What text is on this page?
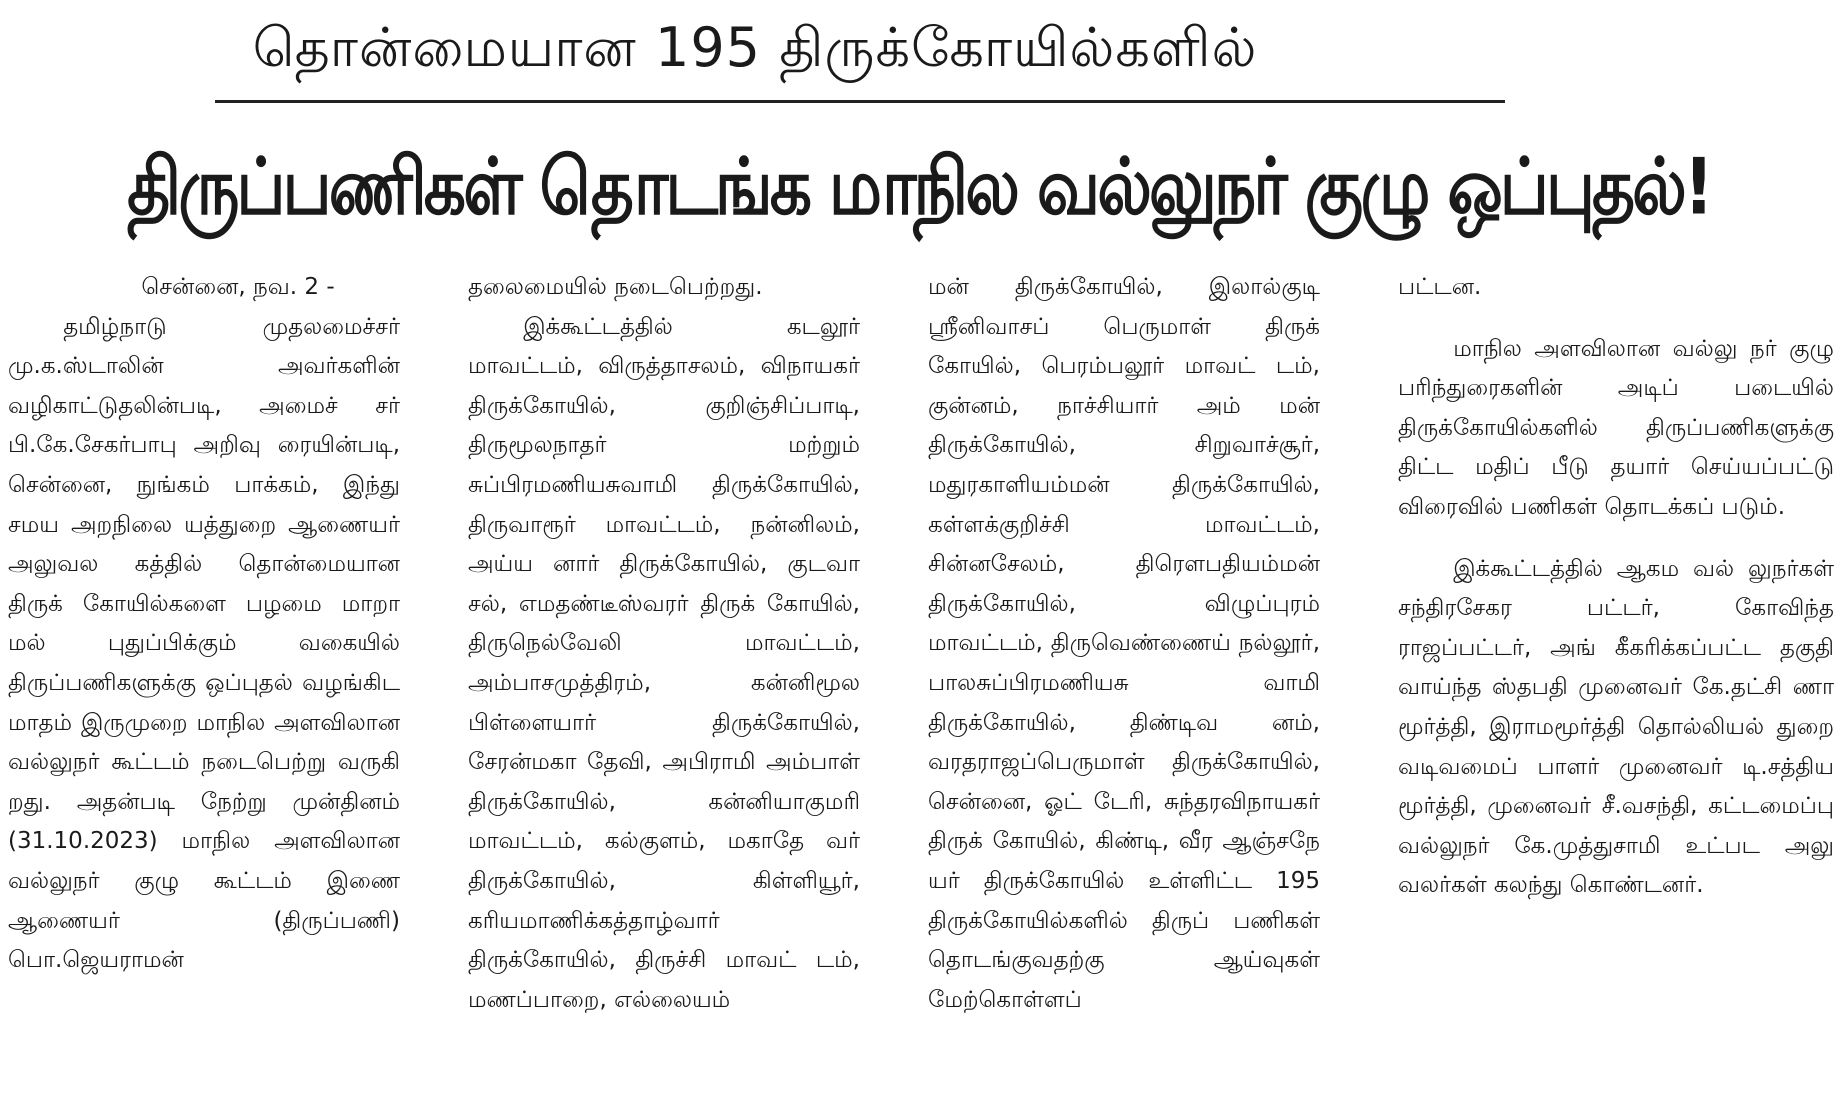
தொன்மையான 195 திருக்கோயில்களில்
திருப்பணிகள் தொடங்க மாநில வல்லுநர் குழு ஒப்புதல்!

சென்னை, நவ. 2 -

தமிழ்நாடு முதலமைச்சர் மு.க.ஸ்டாலின் அவர்களின் வழிகாட்டுதலின்படி, அமைச் சர் பி.கே.சேகர்பாபு அறிவு ரையின்படி, சென்னை, நுங்கம் பாக்கம், இந்து சமய அறநிலை யத்துறை ஆணையர் அலுவல கத்தில் தொன்மையான திருக் கோயில்களை பழமை மாறா மல் புதுப்பிக்கும் வகையில் திருப்பணிகளுக்கு ஒப்புதல் வழங்கிட மாதம் இருமுறை மாநில அளவிலான வல்லுநர் கூட்டம் நடைபெற்று வருகி றது. அதன்படி நேற்று முன்தினம் (31.10.2023) மாநில அளவிலான வல்லுநர் குழு கூட்டம் இணை ஆணையர் (திருப்பணி) பொ.ஜெயராமன்

தலைமையில் நடைபெற்றது.

இக்கூட்டத்தில் கடலூர் மாவட்டம், விருத்தாசலம், விநாயகர் திருக்கோயில், குறிஞ்சிப்பாடி, திருமூலநாதர் மற்றும் சுப்பிரமணியசுவாமி திருக்கோயில், திருவாரூர் மாவட்டம், நன்னிலம், அய்ய னார் திருக்கோயில், குடவா சல், எமதண்டீஸ்வரர் திருக் கோயில், திருநெல்வேலி மாவட்டம், அம்பாசமுத்திரம், கன்னிமூல பிள்ளையார் திருக்கோயில், சேரன்மகா தேவி, அபிராமி அம்பாள் திருக்கோயில், கன்னியாகுமரி மாவட்டம், கல்குளம், மகாதே வர் திருக்கோயில், கிள்ளியூர், கரியமாணிக்கத்தாழ்வார் திருக்கோயில், திருச்சி மாவட் டம், மணப்பாறை, எல்லையம்

மன் திருக்கோயில், இலால்குடி ஸ்ரீனிவாசப் பெருமாள் திருக் கோயில், பெரம்பலூர் மாவட் டம், குன்னம், நாச்சியார் அம் மன் திருக்கோயில், சிறுவாச்சூர், மதுரகாளியம்மன் திருக்கோயில், கள்ளக்குறிச்சி மாவட்டம், சின்னசேலம், திரௌபதியம்மன் திருக்கோயில், விழுப்புரம் மாவட்டம், திருவெண்ணைய் நல்லூர், பாலசுப்பிரமணியசு வாமி திருக்கோயில், திண்டிவ னம், வரதராஜப்பெருமாள் திருக்கோயில், சென்னை, ஓட் டேரி, சுந்தரவிநாயகர் திருக் கோயில், கிண்டி, வீர ஆஞ்சநே யர் திருக்கோயில் உள்ளிட்ட 195 திருக்கோயில்களில் திருப் பணிகள் தொடங்குவதற்கு ஆய்வுகள் மேற்கொள்ளப்

பட்டன.

மாநில அளவிலான வல்லு நர் குழு பரிந்துரைகளின் அடிப் படையில் திருக்கோயில்களில் திருப்பணிகளுக்கு திட்ட மதிப் பீடு தயார் செய்யப்பட்டு விரைவில் பணிகள் தொடக்கப் படும்.

இக்கூட்டத்தில் ஆகம வல் லுநர்கள் சந்திரசேகர பட்டர், கோவிந்த ராஜப்பட்டர், அங் கீகரிக்கப்பட்ட தகுதி வாய்ந்த ஸ்தபதி முனைவர் கே.தட்சி ணா மூர்த்தி, இராமமூர்த்தி தொல்லியல் துறை வடிவமைப் பாளர் முனைவர் டி.சத்திய மூர்த்தி, முனைவர் சீ.வசந்தி, கட்டமைப்பு வல்லுநர் கே.முத்துசாமி உட்பட அலு வலர்கள் கலந்து கொண்டனர்.
